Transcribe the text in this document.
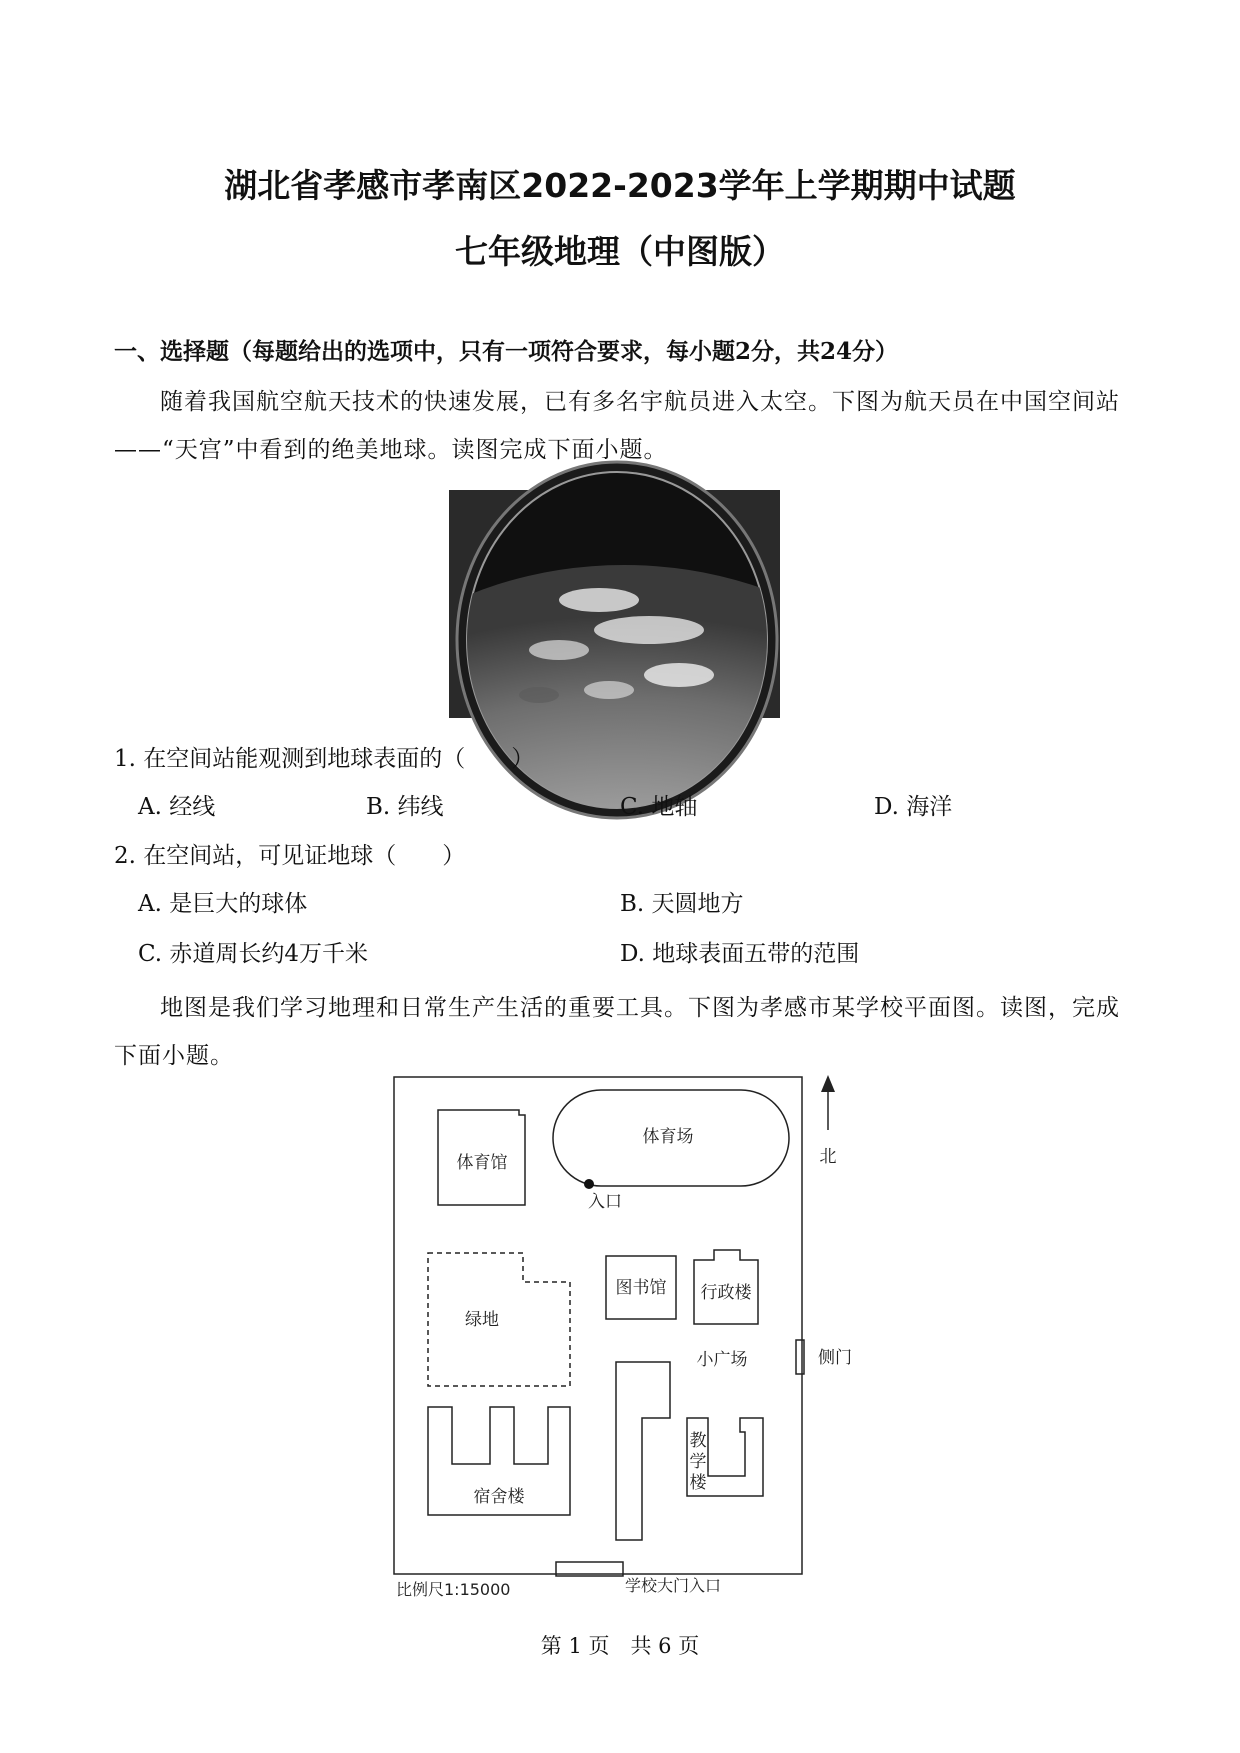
湖北省孝感市孝南区2022-2023学年上学期期中试题
七年级地理（中图版）
一、选择题（每题给出的选项中，只有一项符合要求，每小题2分，共24分）
随着我国航空航天技术的快速发展，已有多名宇航员进入太空。下图为航天员在中国空间站——“天宫”中看到的绝美地球。读图完成下面小题。
1. 在空间站能观测到地球表面的（　　）
A. 经线	B. 纬线	C. 地轴	D. 海洋
2. 在空间站，可见证地球（　　）
A. 是巨大的球体	B. 天圆地方
C. 赤道周长约4万千米	D. 地球表面五带的范围
地图是我们学习地理和日常生产生活的重要工具。下图为孝感市某学校平面图。读图，完成下面小题。
体育馆
体育场
入口
北
绿地
图书馆 行政楼
侧门
小广场
教
学
楼
宿舍楼
比例尺1:15000	学校大门入口
第 1 页　共 6 页
